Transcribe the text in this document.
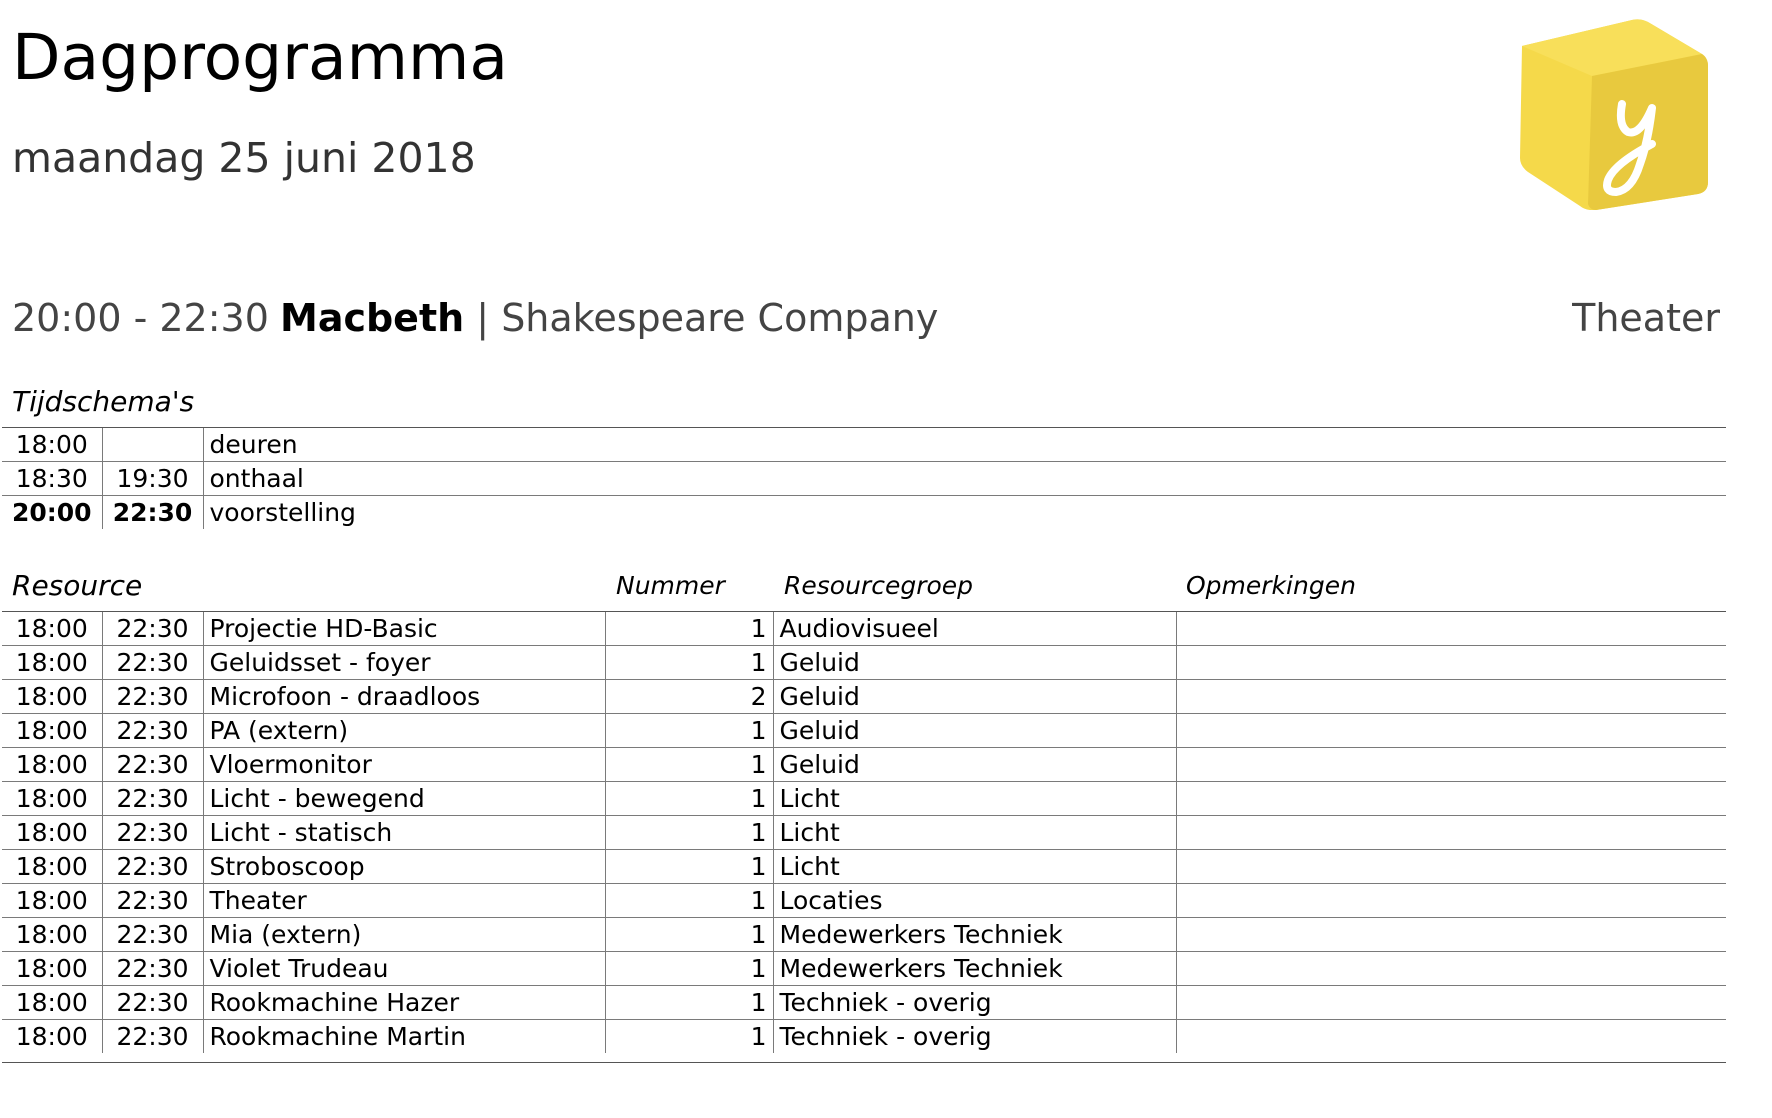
Dagprogramma
maandag 25 juni 2018
20:00 - 22:30 Macbeth | Shakespeare Company	Theater
Tijdschema's
18:00		deuren
18:30	19:30	onthaal
20:00	22:30	voorstelling
Resource	Nummer Resourcegroep	Opmerkingen
18:00	22:30	Projectie HD-Basic	1	Audiovisueel	
18:00	22:30	Geluidsset - foyer	1	Geluid	
18:00	22:30	Microfoon - draadloos	2	Geluid	
18:00	22:30	PA (extern)	1	Geluid	
18:00	22:30	Vloermonitor	1	Geluid	
18:00	22:30	Licht - bewegend	1	Licht	
18:00	22:30	Licht - statisch	1	Licht	
18:00	22:30	Stroboscoop	1	Licht	
18:00	22:30	Theater	1	Locaties	
18:00	22:30	Mia (extern)	1	Medewerkers Techniek	
18:00	22:30	Violet Trudeau	1	Medewerkers Techniek	
18:00	22:30	Rookmachine Hazer	1	Techniek - overig	
18:00	22:30	Rookmachine Martin	1	Techniek - overig	
